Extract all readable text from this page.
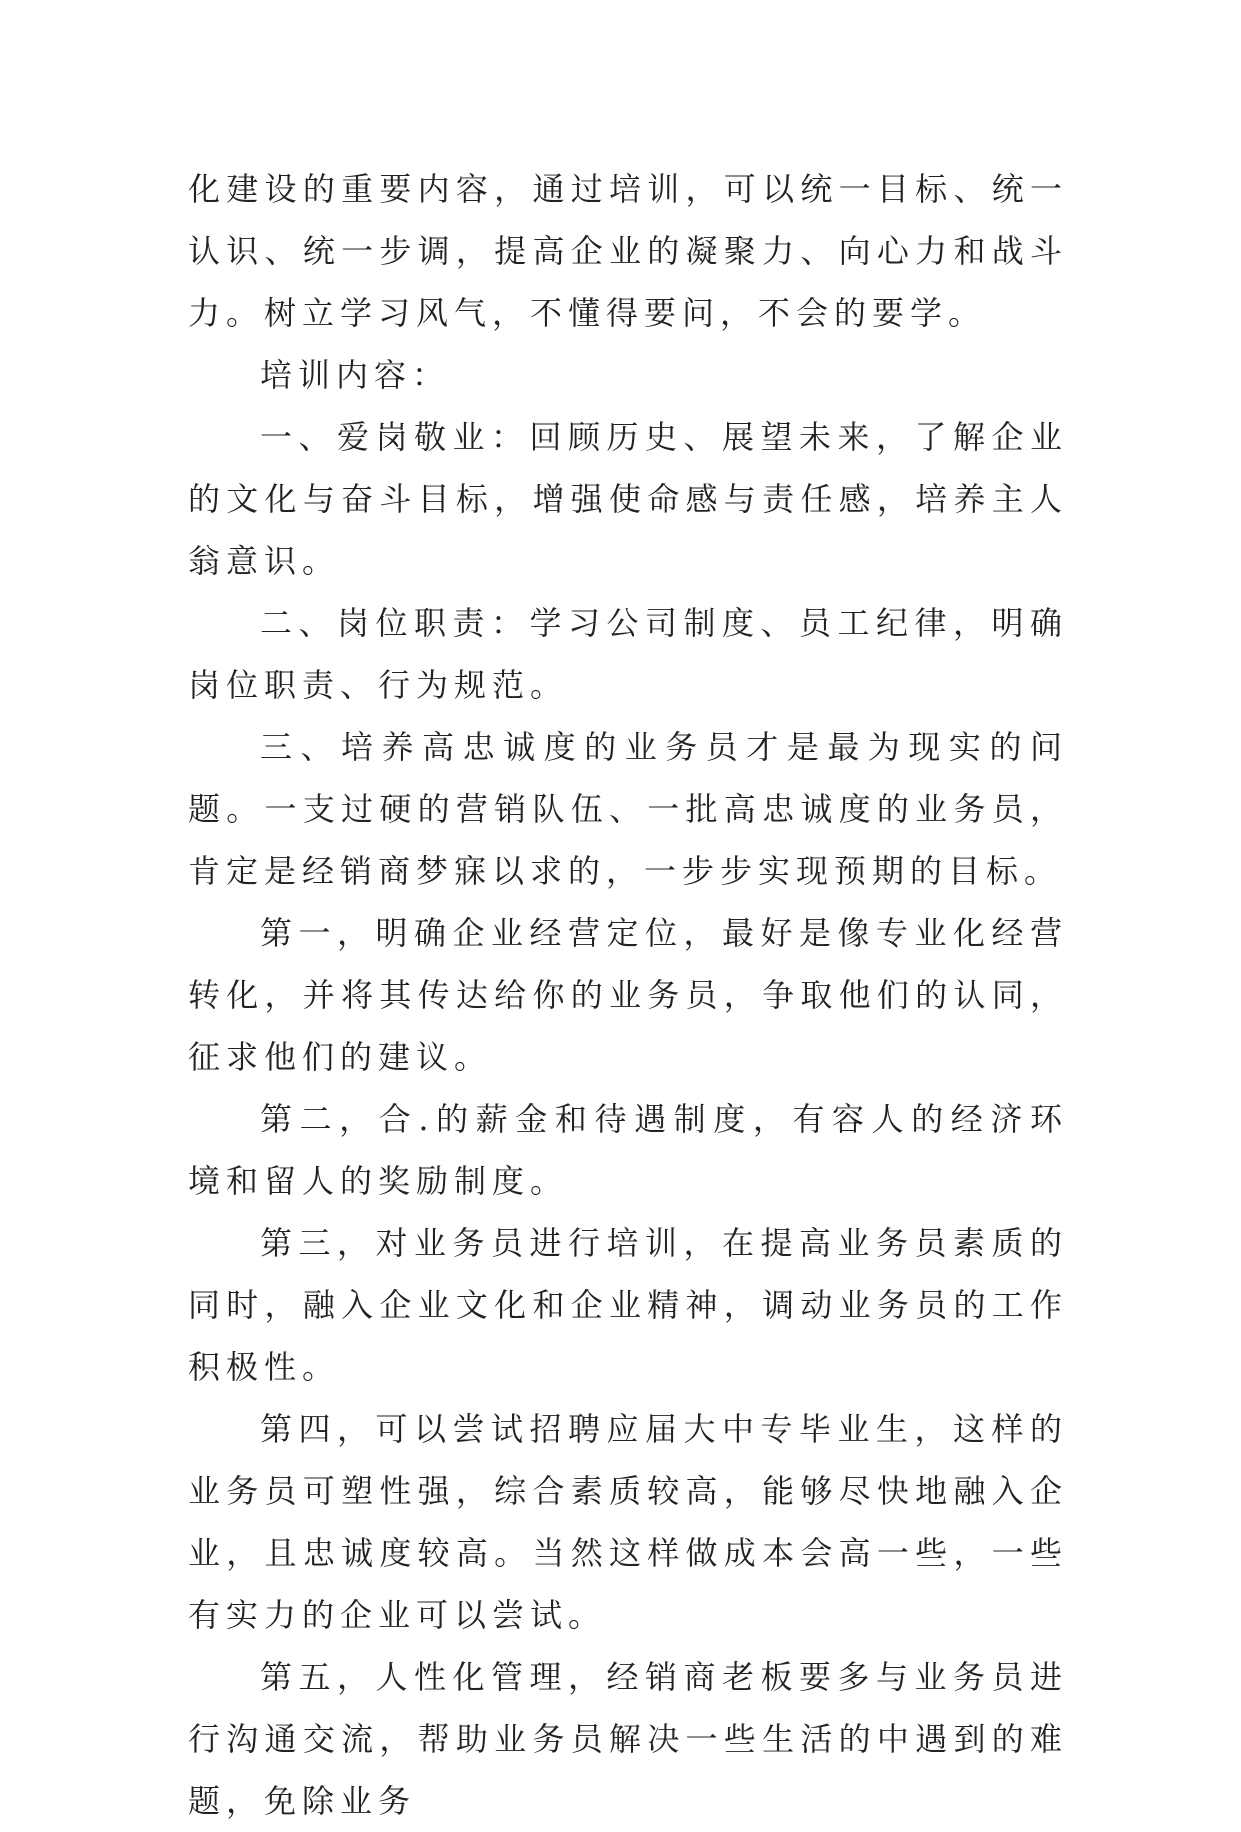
化建设的重要内容，通过培训，可以统一目标、统一认识、统一步调，提高企业的凝聚力、向心力和战斗力。树立学习风气，不懂得要问，不会的要学。

培训内容：

一、爱岗敬业：回顾历史、展望未来，了解企业的文化与奋斗目标，增强使命感与责任感，培养主人翁意识。

二、岗位职责：学习公司制度、员工纪律，明确岗位职责、行为规范。

三、培养高忠诚度的业务员才是最为现实的问题。一支过硬的营销队伍、一批高忠诚度的业务员，肯定是经销商梦寐以求的，一步步实现预期的目标。

第一，明确企业经营定位，最好是像专业化经营转化，并将其传达给你的业务员，争取他们的认同，征求他们的建议。

第二，合.的薪金和待遇制度，有容人的经济环境和留人的奖励制度。

第三，对业务员进行培训，在提高业务员素质的同时，融入企业文化和企业精神，调动业务员的工作积极性。

第四，可以尝试招聘应届大中专毕业生，这样的业务员可塑性强，综合素质较高，能够尽快地融入企业，且忠诚度较高。当然这样做成本会高一些，一些有实力的企业可以尝试。

第五，人性化管理，经销商老板要多与业务员进行沟通交流，帮助业务员解决一些生活的中遇到的难题，免除业务
